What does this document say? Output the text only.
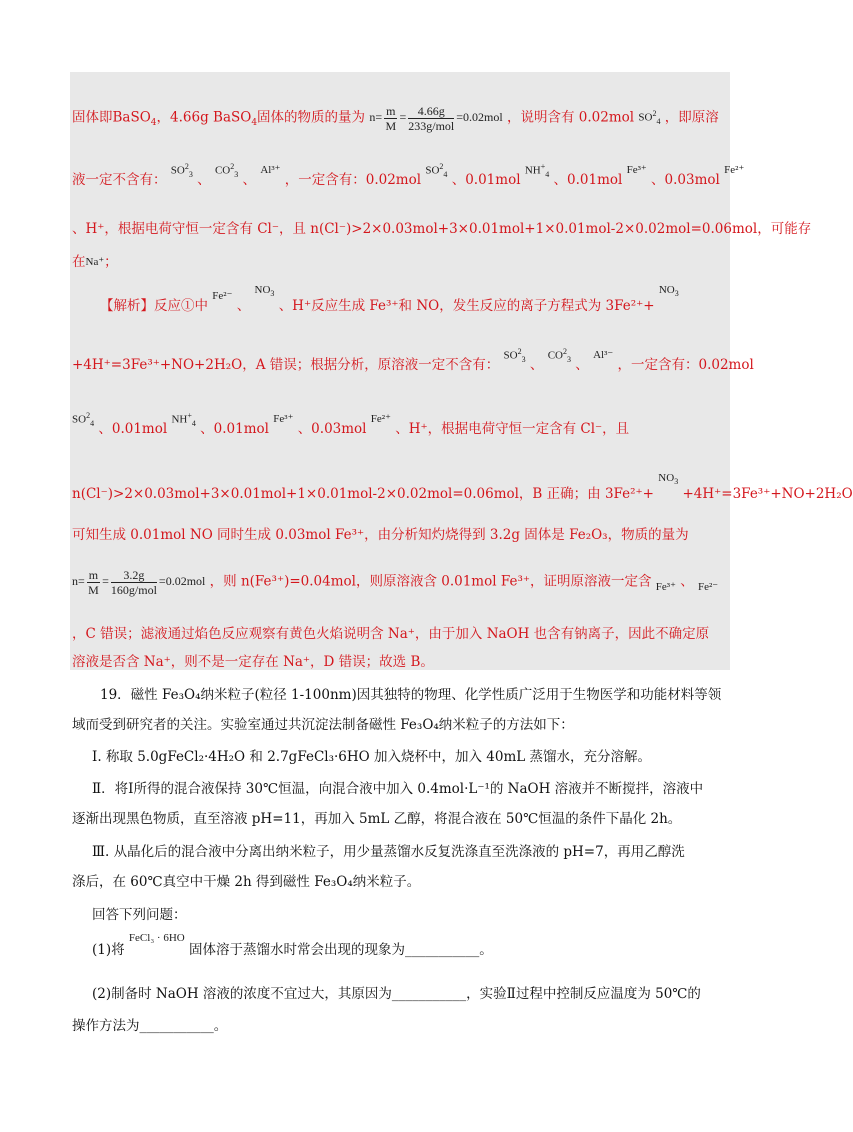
固体即BaSO$_4$，4.66g BaSO$_4$固体的物质的量为 $n= \frac{m}{M} = \frac{4.66g}{\text{233g/mol}} =0.02mol$ ，说明含有 0.02mol $SO^2_4$ ，即原溶
液一定不含有： $SO^2_3$ 、 $CO^2_3$ 、 Al³⁺ ，一定含有：0.02mol $SO^2_4$ 、0.01mol $NH^+_4$ 、0.01mol Fe³⁺ 、0.03mol Fe²⁺
、H⁺，根据电荷守恒一定含有 Cl⁻，且 n(Cl⁻)>2×0.03mol+3×0.01mol+1×0.01mol-2×0.02mol=0.06mol，可能存
在Na⁺；
【解析】反应①中 Fe²⁻ 、 $NO_3$ 、H⁺反应生成 Fe³⁺和 NO，发生反应的离子方程式为 $3Fe^{2+}+ NO_3$
+4H⁺=3Fe³⁺+NO+2H₂O，A 错误；根据分析，原溶液一定不含有： $SO^2_3$ 、 $CO^2_3$ 、 Al³⁻ ，一定含有：0.02mol
$SO^2_4$ 、0.01mol $NH^+_4$ 、0.01mol Fe³⁺ 、0.03mol Fe²⁺ 、H⁺，根据电荷守恒一定含有 Cl⁻，且
n(Cl⁻)>2×0.03mol+3×0.01mol+1×0.01mol-2×0.02mol=0.06mol，B 正确；由 $3Fe^{2+}+ NO_3 +4H^+=3Fe^{3+}+NO+2H_2O$
可知生成 0.01mol NO 同时生成 0.03mol Fe³⁺，由分析知灼烧得到 3.2g 固体是 Fe₂O₃，物质的量为
$n= \frac{m}{M} = \frac{3.2g}{\text{160g/mol}} =0.02mol$ ，则 n(Fe³⁺)=0.04mol，则原溶液含 0.01mol Fe³⁺，证明原溶液一定含 Fe³⁺ 、 Fe²⁻
，C 错误；滤液通过焰色反应观察有黄色火焰说明含 Na⁺，由于加入 NaOH 也含有钠离子，因此不确定原
溶液是否含 Na⁺，则不是一定存在 Na⁺，D 错误；故选 B。
19．磁性 Fe₃O₄纳米粒子(粒径 1-100nm)因其独特的物理、化学性质广泛用于生物医学和功能材料等领
域而受到研究者的关注。实验室通过共沉淀法制备磁性 Fe₃O₄纳米粒子的方法如下：
Ⅰ. 称取 5.0gFeCl₂·4H₂O 和 2.7gFeCl₃·6HO 加入烧杯中，加入 40mL 蒸馏水，充分溶解。
Ⅱ．将Ⅰ所得的混合液保持 30℃恒温，向混合液中加入 0.4mol·L⁻¹的 NaOH 溶液并不断搅拌，溶液中
逐渐出现黑色物质，直至溶液 pH=11，再加入 5mL 乙醇，将混合液在 50℃恒温的条件下晶化 2h。
Ⅲ. 从晶化后的混合液中分离出纳米粒子，用少量蒸馏水反复洗涤直至洗涤液的 pH=7，再用乙醇洗
涤后，在 60℃真空中干燥 2h 得到磁性 Fe₃O₄纳米粒子。
回答下列问题：
(1)将 FeCl₃ · 6HO 固体溶于蒸馏水时常会出现的现象为___________。
(2)制备时 NaOH 溶液的浓度不宜过大，其原因为___________，实验Ⅱ过程中控制反应温度为 50℃的
操作方法为___________。
